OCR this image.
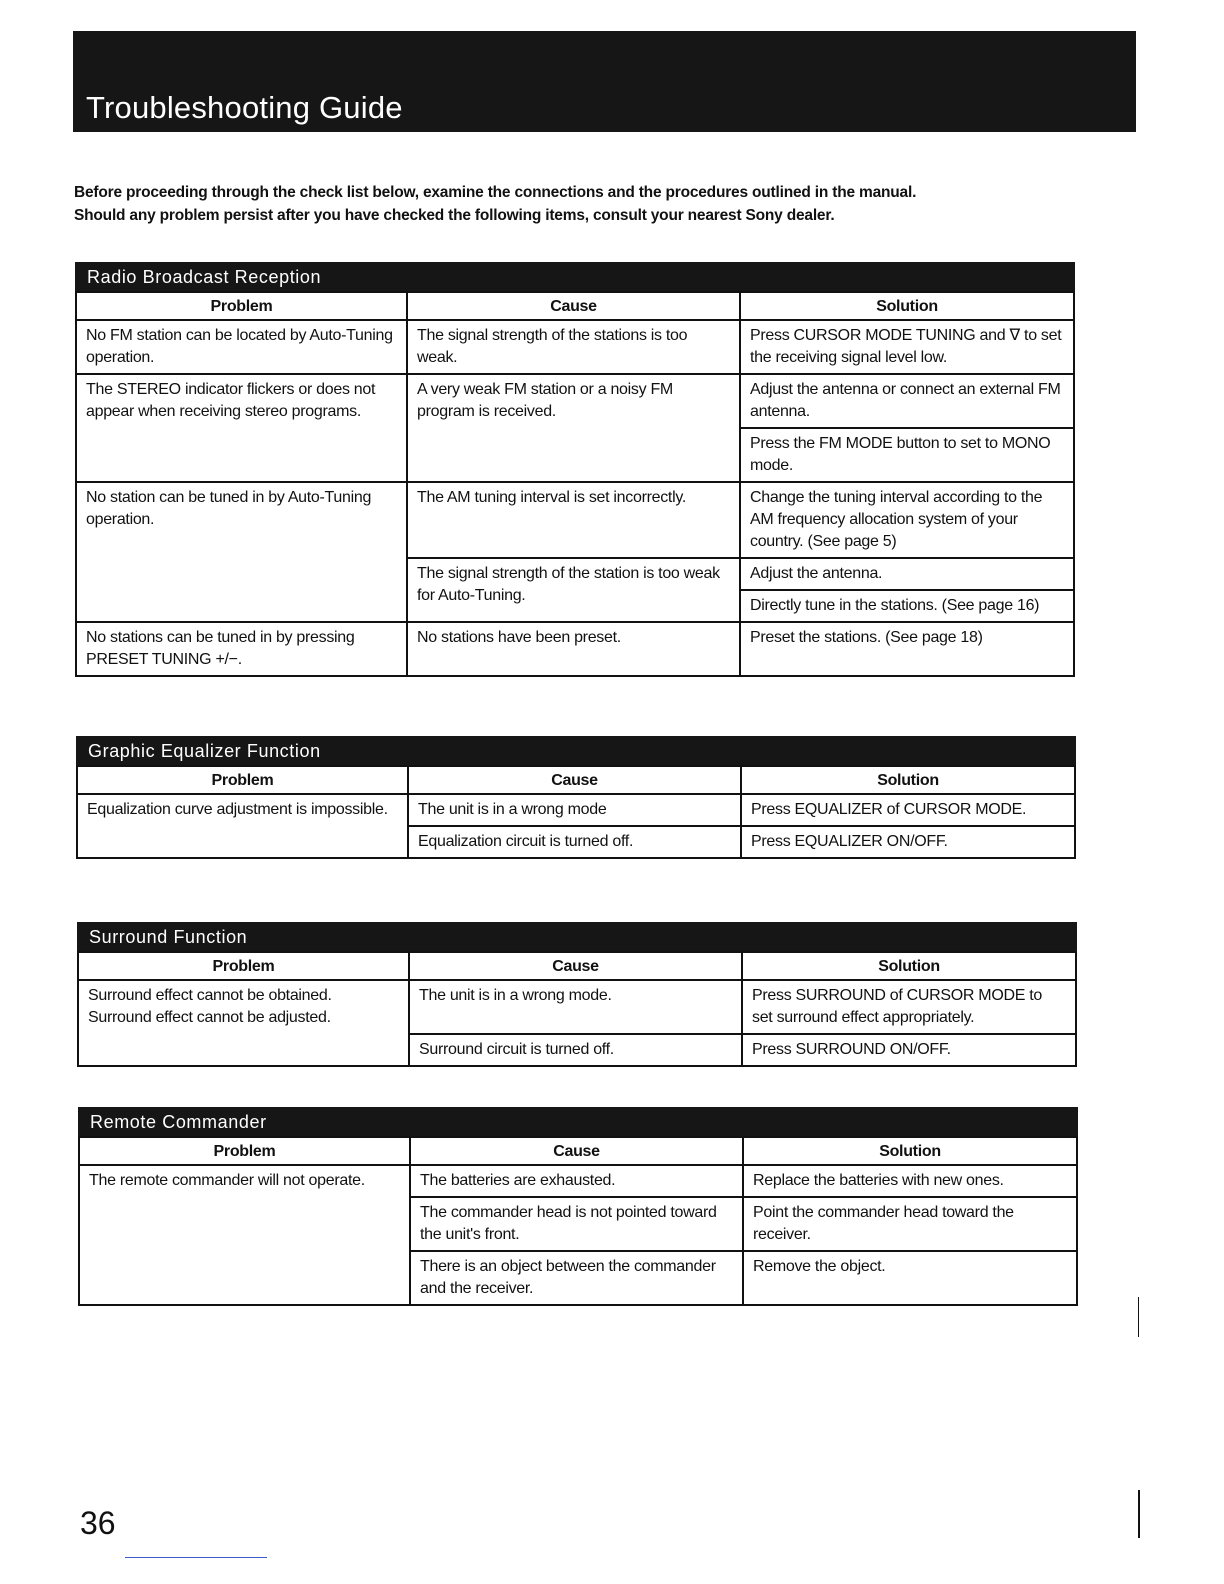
Troubleshooting Guide

Before proceeding through the check list below, examine the connections and the procedures outlined in the manual.

Should any problem persist after you have checked the following items, consult your nearest Sony dealer.

Radio Broadcast Reception
Problem	Cause	Solution
No FM station can be located by Auto-Tuning operation.	The signal strength of the stations is too weak.	Press CURSOR MODE TUNING and ∇ to set the receiving signal level low.
The STEREO indicator flickers or does not appear when receiving stereo programs.	A very weak FM station or a noisy FM program is received.	Adjust the antenna or connect an external FM antenna.
		Press the FM MODE button to set to MONO mode.
No station can be tuned in by Auto-Tuning operation.	The AM tuning interval is set incorrectly.	Change the tuning interval according to the AM frequency allocation system of your country. (See page 5)
	The signal strength of the station is too weak for Auto-Tuning.	Adjust the antenna.
		Directly tune in the stations. (See page 16)
No stations can be tuned in by pressing PRESET TUNING +/−.	No stations have been preset.	Preset the stations. (See page 18)
Graphic Equalizer Function
Problem	Cause	Solution
Equalization curve adjustment is impossible.	The unit is in a wrong mode	Press EQUALIZER of CURSOR MODE.
	Equalization circuit is turned off.	Press EQUALIZER ON/OFF.
Surround Function
Problem	Cause	Solution
Surround effect cannot be obtained. Surround effect cannot be adjusted.	The unit is in a wrong mode.	Press SURROUND of CURSOR MODE to set surround effect appropriately.
	Surround circuit is turned off.	Press SURROUND ON/OFF.
Remote Commander
Problem	Cause	Solution
The remote commander will not operate.	The batteries are exhausted.	Replace the batteries with new ones.
	The commander head is not pointed toward the unit's front.	Point the commander head toward the receiver.
	There is an object between the commander and the receiver.	Remove the object.
36
